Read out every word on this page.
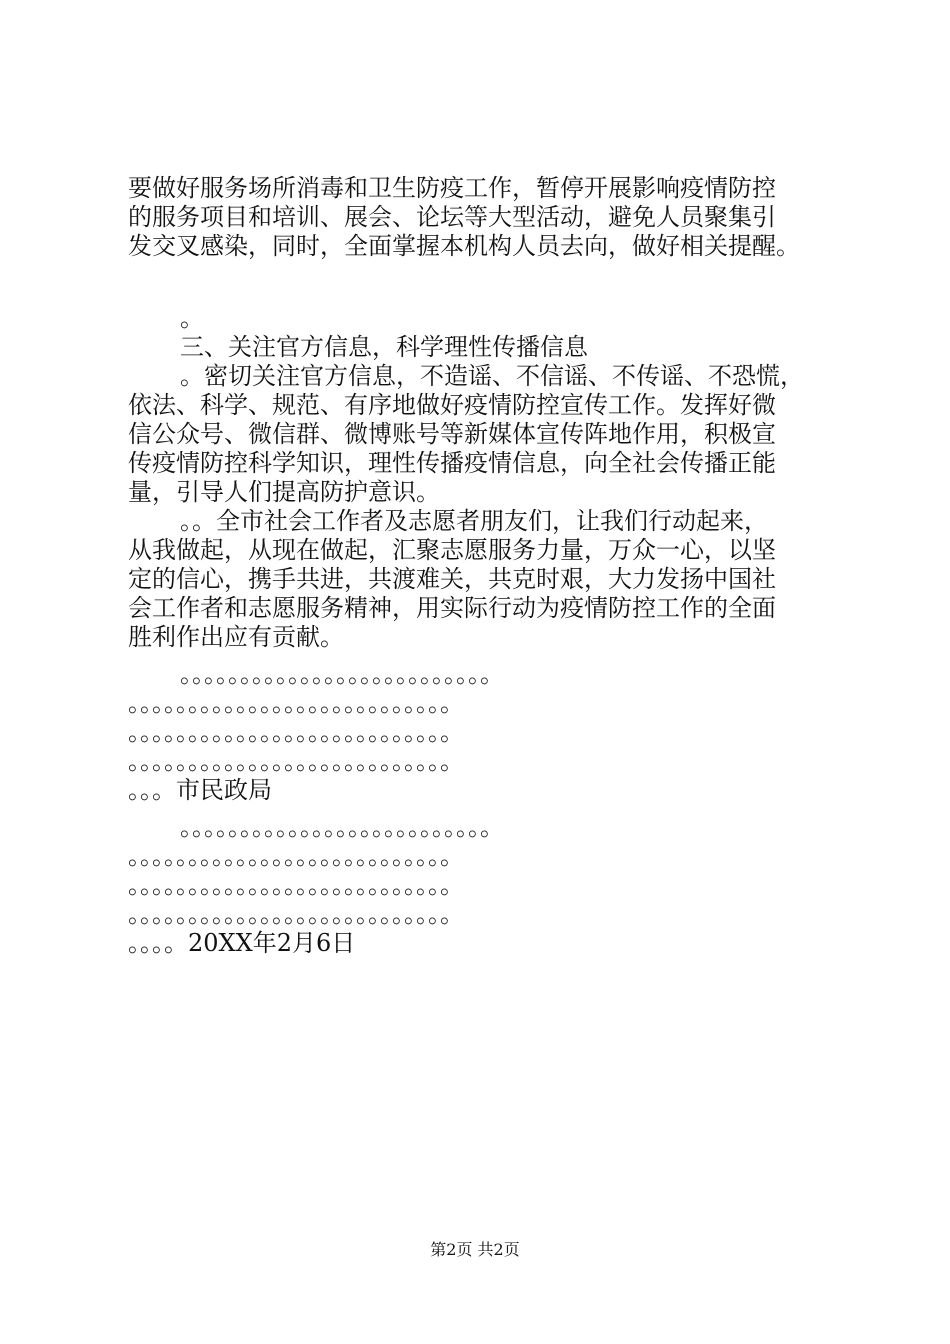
要做好服务场所消毒和卫生防疫工作，暂停开展影响疫情防控
的服务项目和培训、展会、论坛等大型活动，避免人员聚集引
发交叉感染，同时，全面掌握本机构人员去向，做好相关提醒。
。
三、关注官方信息，科学理性传播信息
。密切关注官方信息，不造谣、不信谣、不传谣、不恐慌，
依法、科学、规范、有序地做好疫情防控宣传工作。发挥好微
信公众号、微信群、微博账号等新媒体宣传阵地作用，积极宣
传疫情防控科学知识，理性传播疫情信息，向全社会传播正能
量，引导人们提高防护意识。
。。全市社会工作者及志愿者朋友们，让我们行动起来，
从我做起，从现在做起，汇聚志愿服务力量，万众一心，以坚
定的信心，携手共进，共渡难关，共克时艰，大力发扬中国社
会工作者和志愿服务精神，用实际行动为疫情防控工作的全面
胜利作出应有贡献。
。。。。。。。。。。。。。。。。。。。。。。。。。。
。。。。。。。。。。。。。。。。。。。。。。。。。。。
。。。。。。。。。。。。。。。。。。。。。。。。。。。
。。。。。。。。。。。。。。。。。。。。。。。。。。。
。。。市民政局
。。。。。。。。。。。。。。。。。。。。。。。。。。
。。。。。。。。。。。。。。。。。。。。。。。。。。。
。。。。。。。。。。。。。。。。。。。。。。。。。。。
。。。。。。。。。。。。。。。。。。。。。。。。。。。
。。。。20XX年2月6日
第2页 共2页
